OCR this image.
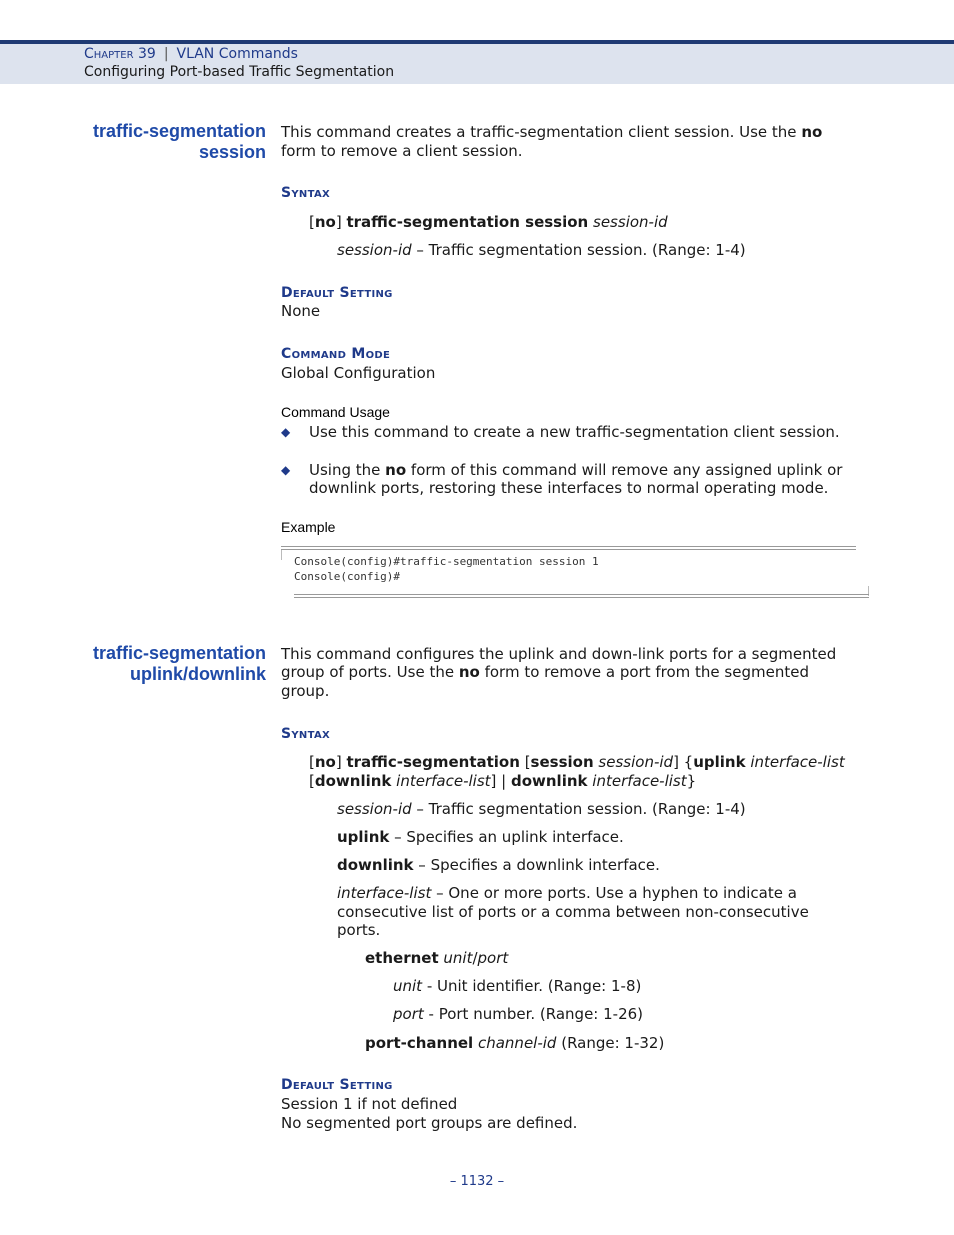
Chapter 39 | VLAN Commands
Configuring Port-based Traffic Segmentation
traffic-segmentation
session
This command creates a traffic-segmentation client session. Use the no
form to remove a client session.
Syntax
[no] traffic-segmentation session session-id
session-id – Traffic segmentation session. (Range: 1-4)
Default Setting
None
Command Mode
Global Configuration
Command Usage
◆ Use this command to create a new traffic-segmentation client session.
◆ Using the no form of this command will remove any assigned uplink or
downlink ports, restoring these interfaces to normal operating mode.
Example
Console(config)#traffic-segmentation session 1
Console(config)#
traffic-segmentation
uplink/downlink
This command configures the uplink and down-link ports for a segmented
group of ports. Use the no form to remove a port from the segmented
group.
Syntax
[no] traffic-segmentation [session session-id] {uplink interface-list
[downlink interface-list] | downlink interface-list}
session-id – Traffic segmentation session. (Range: 1-4)
uplink – Specifies an uplink interface.
downlink – Specifies a downlink interface.
interface-list – One or more ports. Use a hyphen to indicate a
consecutive list of ports or a comma between non-consecutive
ports.
ethernet unit/port
unit - Unit identifier. (Range: 1-8)
port - Port number. (Range: 1-26)
port-channel channel-id (Range: 1-32)
Default Setting
Session 1 if not defined
No segmented port groups are defined.
– 1132 –
